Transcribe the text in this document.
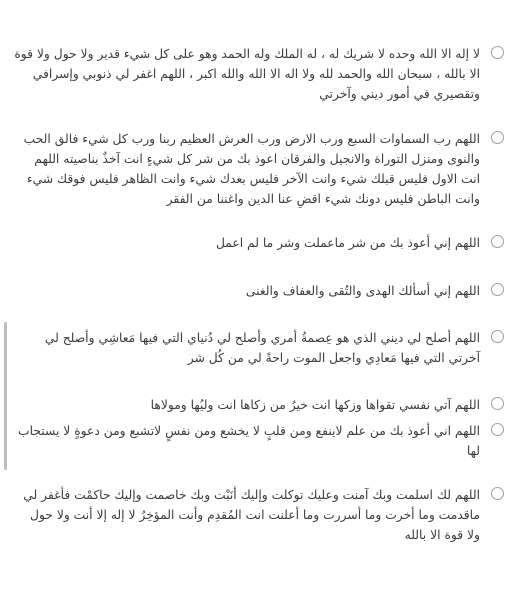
لا إله الا الله وحده لا شريك له ، له الملك وله الحمد وهو على كل شيء قدير ولا حول ولا قوة الا بالله ، سبحان الله والحمد لله ولا اله الا الله والله اكبر ، اللهم اغفر لي ذنوبي وإسرافي وتقصيري في أمور ديني وآخرتي
اللهم رب السماوات السبع ورب الارض ورب العرش العظيم ربنا ورب كل شيء فالق الحب والنوى ومنزل التوراة والانجيل والفرقان اعوذ بك من شر كل شيءٍ انت آخذٌ بناصيته اللهم انت الاول فليس قبلك شيء وانت الآخر فليس بعدك شيء وانت الظاهر فليس فوقك شيء وانت الباطن فليس دونك شيء اقضِ عنا الدين واغننا من الفقر
اللهم إني أعوذ بك من شر ماعملت وشر ما لم اعمل
اللهم إني أسألك الهدى والتُقى والعفاف والغنى
اللهم أصلح لي ديني الذي هو عِصمةُ أمري وأصلح لي دُنياي التي فيها مَعاشِي وأصلح لي آخرتي التي فيها مَعادِي واجعل الموت راحةً لي من كُل شر
اللهم آتي نفسي تقواها وزكها انت خيرُ من زكاها انت وليُها ومولاها
اللهم اني أعوذ بك من علم لاينفع ومن قلبٍ لا يخشع ومن نفسٍ لاتشبع ومن دعوةٍ لا يستجاب لها
اللهم لك اسلمت وبك آمنت وعليك توكلت وإليك أنَبْت وبك خاصمت وإليك حاكمْت فأغفر لي ماقدمت وما أخرت وما أسررت وما أعلنت انت المُقدِم وأنت المؤخِرُ لا إله إلا أنت ولا حول ولا قوة الا بالله
